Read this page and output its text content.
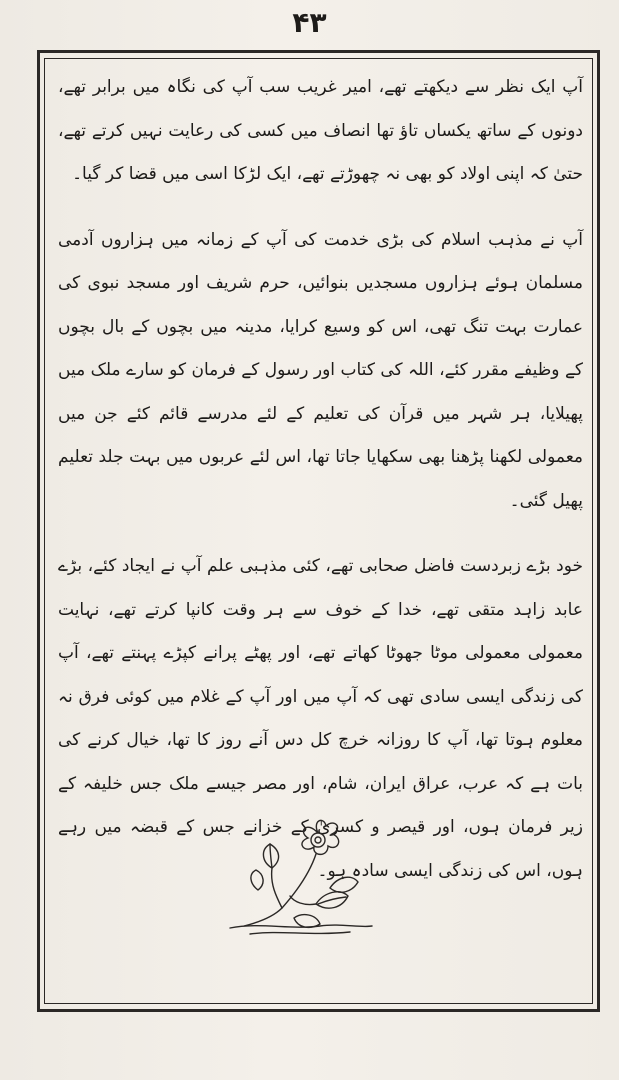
۴۳

آپ ایک نظر سے دیکھتے تھے، امیر غریب سب آپ کی نگاہ میں برابر تھے، دونوں کے ساتھ یکساں تاؤ تھا انصاف میں کسی کی رعایت نہیں کرتے تھے، حتیٰ کہ اپنی اولاد کو بھی نہ چھوڑتے تھے، ایک لڑکا اسی میں قضا کر گیا۔

آپ نے مذہب اسلام کی بڑی خدمت کی آپ کے زمانہ میں ہزاروں آدمی مسلمان ہوئے ہزاروں مسجدیں بنوائیں، حرم شریف اور مسجد نبوی کی عمارت بہت تنگ تھی، اس کو وسیع کرایا، مدینہ میں بچوں کے بال بچوں کے وظیفے مقرر کئے، اللہ کی کتاب اور رسول کے فرمان کو سارے ملک میں پھیلایا، ہر شہر میں قرآن کی تعلیم کے لئے مدرسے قائم کئے جن میں معمولی لکھنا پڑھنا بھی سکھایا جاتا تھا، اس لئے عربوں میں بہت جلد تعلیم پھیل گئی۔

خود بڑے زبردست فاضل صحابی تھے، کئی مذہبی علم آپ نے ایجاد کئے، بڑے عابد زاہد متقی تھے، خدا کے خوف سے ہر وقت کانپا کرتے تھے، نہایت معمولی معمولی موٹا جھوٹا کھاتے تھے، اور پھٹے پرانے کپڑے پہنتے تھے، آپ کی زندگی ایسی سادی تھی کہ آپ میں اور آپ کے غلام میں کوئی فرق نہ معلوم ہوتا تھا، آپ کا روزانہ خرچ کل دس آنے روز کا تھا، خیال کرنے کی بات ہے کہ عرب، عراق ایران، شام، اور مصر جیسے ملک جس خلیفہ کے زیر فرمان ہوں، اور قیصر و کسریٰ کے خزانے جس کے قبضہ میں رہے ہوں، اس کی زندگی ایسی سادہ ہو۔
